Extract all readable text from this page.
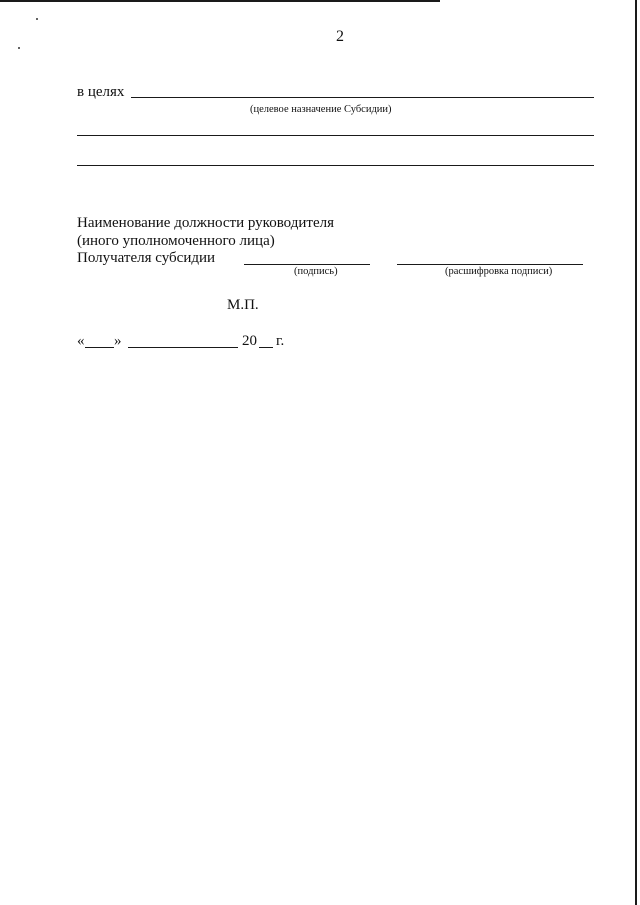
2
в целях
(целевое назначение Субсидии)
Наименование должности руководителя
(иного уполномоченного лица)
Получателя субсидии
(подпись)	(расшифровка подписи)
М.П.
« »	20 г.
